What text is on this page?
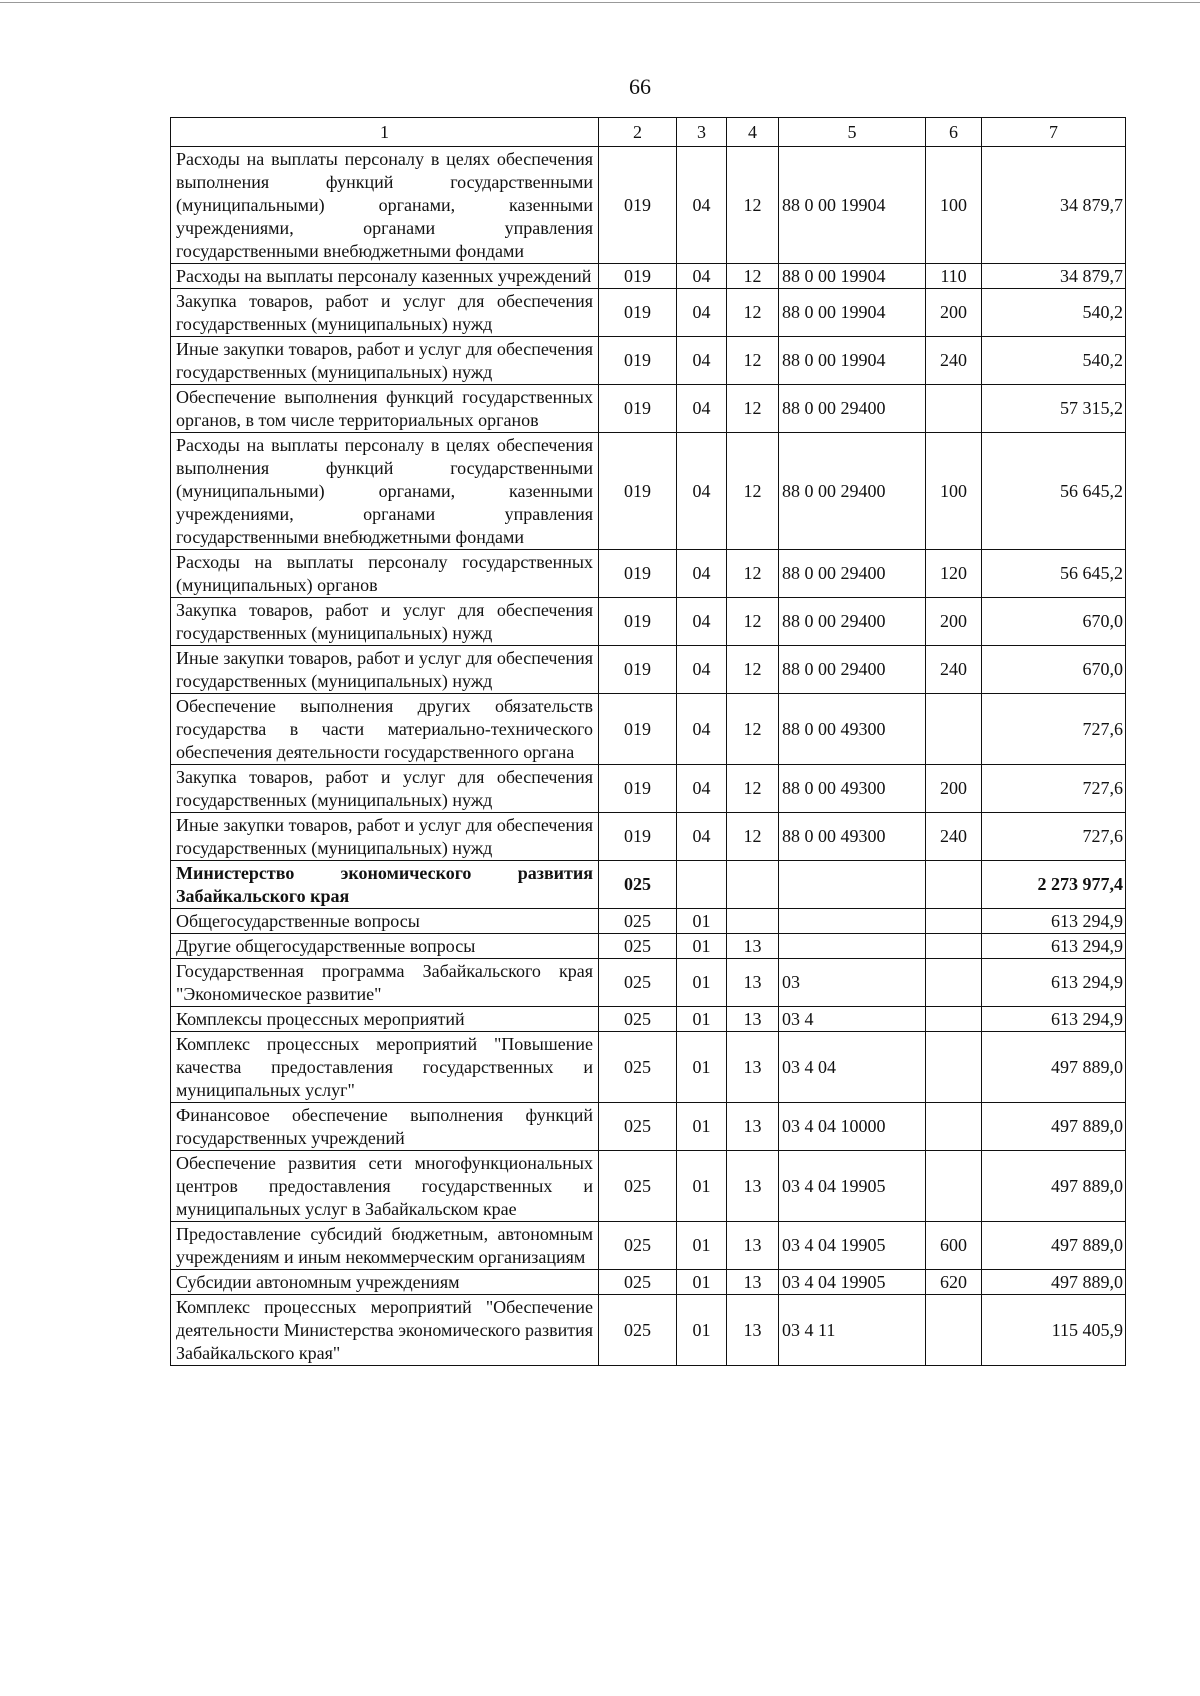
66
1	2	3	4	5	6	7
Расходы на выплаты персоналу в целях обеспечения выполнения функций государственными (муниципальными) органами, казенными учреждениями, органами управления государственными внебюджетными фондами	019	04	12	88 0 00 19904	100	34 879,7
Расходы на выплаты персоналу казенных учреждений	019	04	12	88 0 00 19904	110	34 879,7
Закупка товаров, работ и услуг для обеспечения государственных (муниципальных) нужд	019	04	12	88 0 00 19904	200	540,2
Иные закупки товаров, работ и услуг для обеспечения государственных (муниципальных) нужд	019	04	12	88 0 00 19904	240	540,2
Обеспечение выполнения функций государственных органов, в том числе территориальных органов	019	04	12	88 0 00 29400		57 315,2
Расходы на выплаты персоналу в целях обеспечения выполнения функций государственными (муниципальными) органами, казенными учреждениями, органами управления государственными внебюджетными фондами	019	04	12	88 0 00 29400	100	56 645,2
Расходы на выплаты персоналу государственных (муниципальных) органов	019	04	12	88 0 00 29400	120	56 645,2
Закупка товаров, работ и услуг для обеспечения государственных (муниципальных) нужд	019	04	12	88 0 00 29400	200	670,0
Иные закупки товаров, работ и услуг для обеспечения государственных (муниципальных) нужд	019	04	12	88 0 00 29400	240	670,0
Обеспечение выполнения других обязательств государства в части материально-технического обеспечения деятельности государственного органа	019	04	12	88 0 00 49300		727,6
Закупка товаров, работ и услуг для обеспечения государственных (муниципальных) нужд	019	04	12	88 0 00 49300	200	727,6
Иные закупки товаров, работ и услуг для обеспечения государственных (муниципальных) нужд	019	04	12	88 0 00 49300	240	727,6
Министерство экономического развития Забайкальского края	025					2 273 977,4
Общегосударственные вопросы	025	01				613 294,9
Другие общегосударственные вопросы	025	01	13			613 294,9
Государственная программа Забайкальского края "Экономическое развитие"	025	01	13	03		613 294,9
Комплексы процессных мероприятий	025	01	13	03 4		613 294,9
Комплекс процессных мероприятий "Повышение качества предоставления государственных и муниципальных услуг"	025	01	13	03 4 04		497 889,0
Финансовое обеспечение выполнения функций государственных учреждений	025	01	13	03 4 04 10000		497 889,0
Обеспечение развития сети многофункциональных центров предоставления государственных и муниципальных услуг в Забайкальском крае	025	01	13	03 4 04 19905		497 889,0
Предоставление субсидий бюджетным, автономным учреждениям и иным некоммерческим организациям	025	01	13	03 4 04 19905	600	497 889,0
Субсидии автономным учреждениям	025	01	13	03 4 04 19905	620	497 889,0
Комплекс процессных мероприятий "Обеспечение деятельности Министерства экономического развития Забайкальского края"	025	01	13	03 4 11		115 405,9
